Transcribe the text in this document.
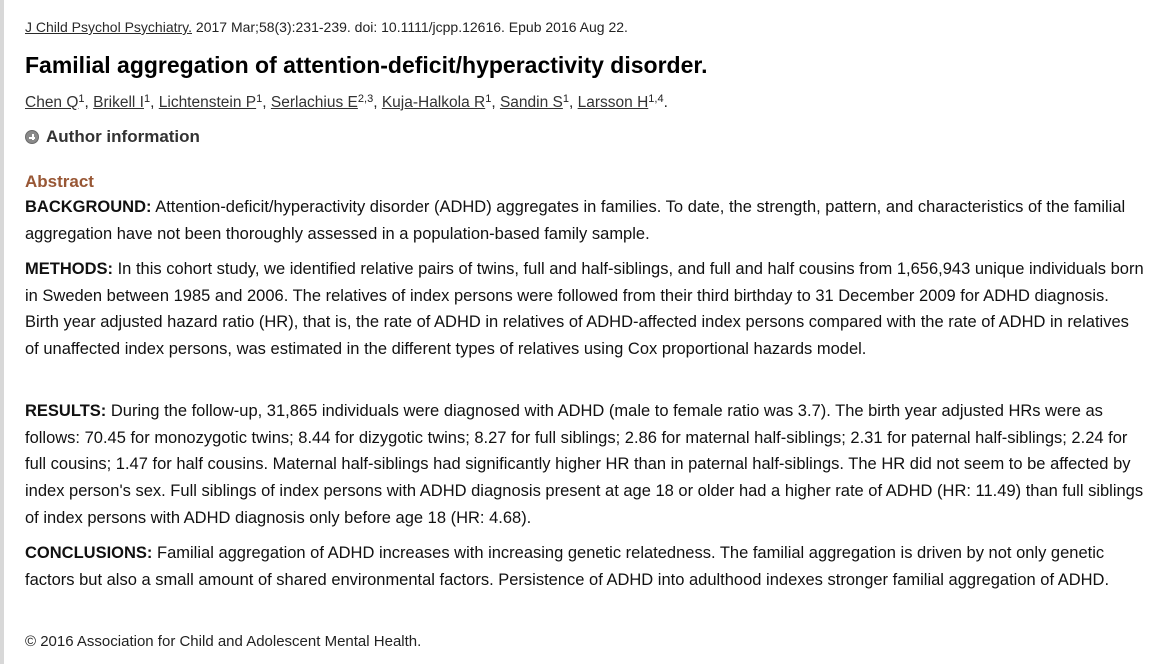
J Child Psychol Psychiatry. 2017 Mar;58(3):231-239. doi: 10.1111/jcpp.12616. Epub 2016 Aug 22.
Familial aggregation of attention-deficit/hyperactivity disorder.
Chen $Q^1$, Brikell $I^1$, Lichtenstein $P^1$, Serlachius E$^{2,3}$, Kuja-Halkola $R^1$, Sandin $S^1$, Larsson H$^{1,4}$.
Author information
Abstract

BACKGROUND: Attention-deficit/hyperactivity disorder (ADHD) aggregates in families. To date, the strength, pattern, and characteristics of the familial aggregation have not been thoroughly assessed in a population-based family sample.

METHODS: In this cohort study, we identified relative pairs of twins, full and half-siblings, and full and half cousins from 1,656,943 unique individuals born in Sweden between 1985 and 2006. The relatives of index persons were followed from their third birthday to 31 December 2009 for ADHD diagnosis. Birth year adjusted hazard ratio (HR), that is, the rate of ADHD in relatives of ADHD-affected index persons compared with the rate of ADHD in relatives of unaffected index persons, was estimated in the different types of relatives using Cox proportional hazards model.

RESULTS: During the follow-up, 31,865 individuals were diagnosed with ADHD (male to female ratio was 3.7). The birth year adjusted HRs were as follows: 70.45 for monozygotic twins; 8.44 for dizygotic twins; 8.27 for full siblings; 2.86 for maternal half-siblings; 2.31 for paternal half-siblings; 2.24 for full cousins; 1.47 for half cousins. Maternal half-siblings had significantly higher HR than in paternal half-siblings. The HR did not seem to be affected by index person's sex. Full siblings of index persons with ADHD diagnosis present at age 18 or older had a higher rate of ADHD (HR: 11.49) than full siblings of index persons with ADHD diagnosis only before age 18 (HR: 4.68).

CONCLUSIONS: Familial aggregation of ADHD increases with increasing genetic relatedness. The familial aggregation is driven by not only genetic factors but also a small amount of shared environmental factors. Persistence of ADHD into adulthood indexes stronger familial aggregation of ADHD.

© 2016 Association for Child and Adolescent Mental Health.
